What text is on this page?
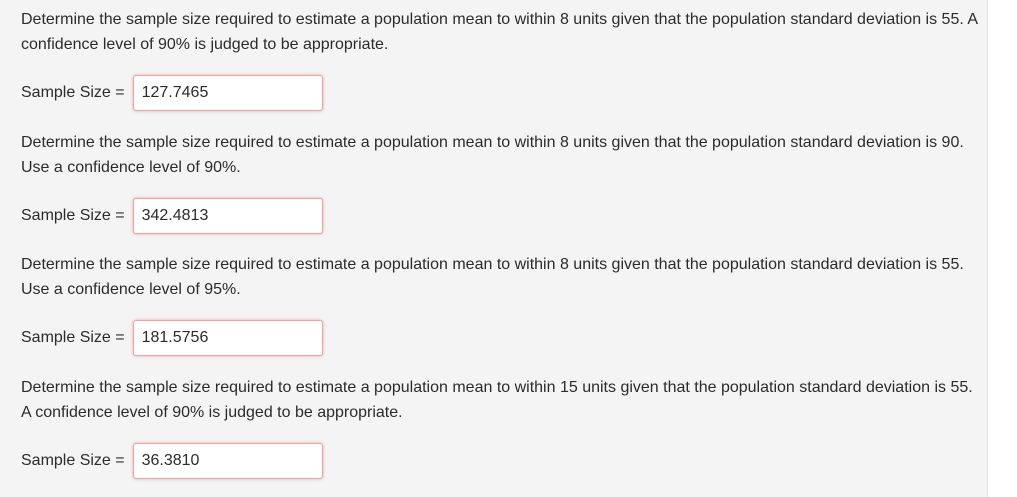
Determine the sample size required to estimate a population mean to within 8 units given that the population standard deviation is 55. A confidence level of 90% is judged to be appropriate.

Sample Size =
127.7465

Determine the sample size required to estimate a population mean to within 8 units given that the population standard deviation is 90. Use a confidence level of 90%.

Sample Size =
342.4813

Determine the sample size required to estimate a population mean to within 8 units given that the population standard deviation is 55. Use a confidence level of 95%.

Sample Size =
181.5756

Determine the sample size required to estimate a population mean to within 15 units given that the population standard deviation is 55. A confidence level of 90% is judged to be appropriate.

Sample Size =
36.3810
